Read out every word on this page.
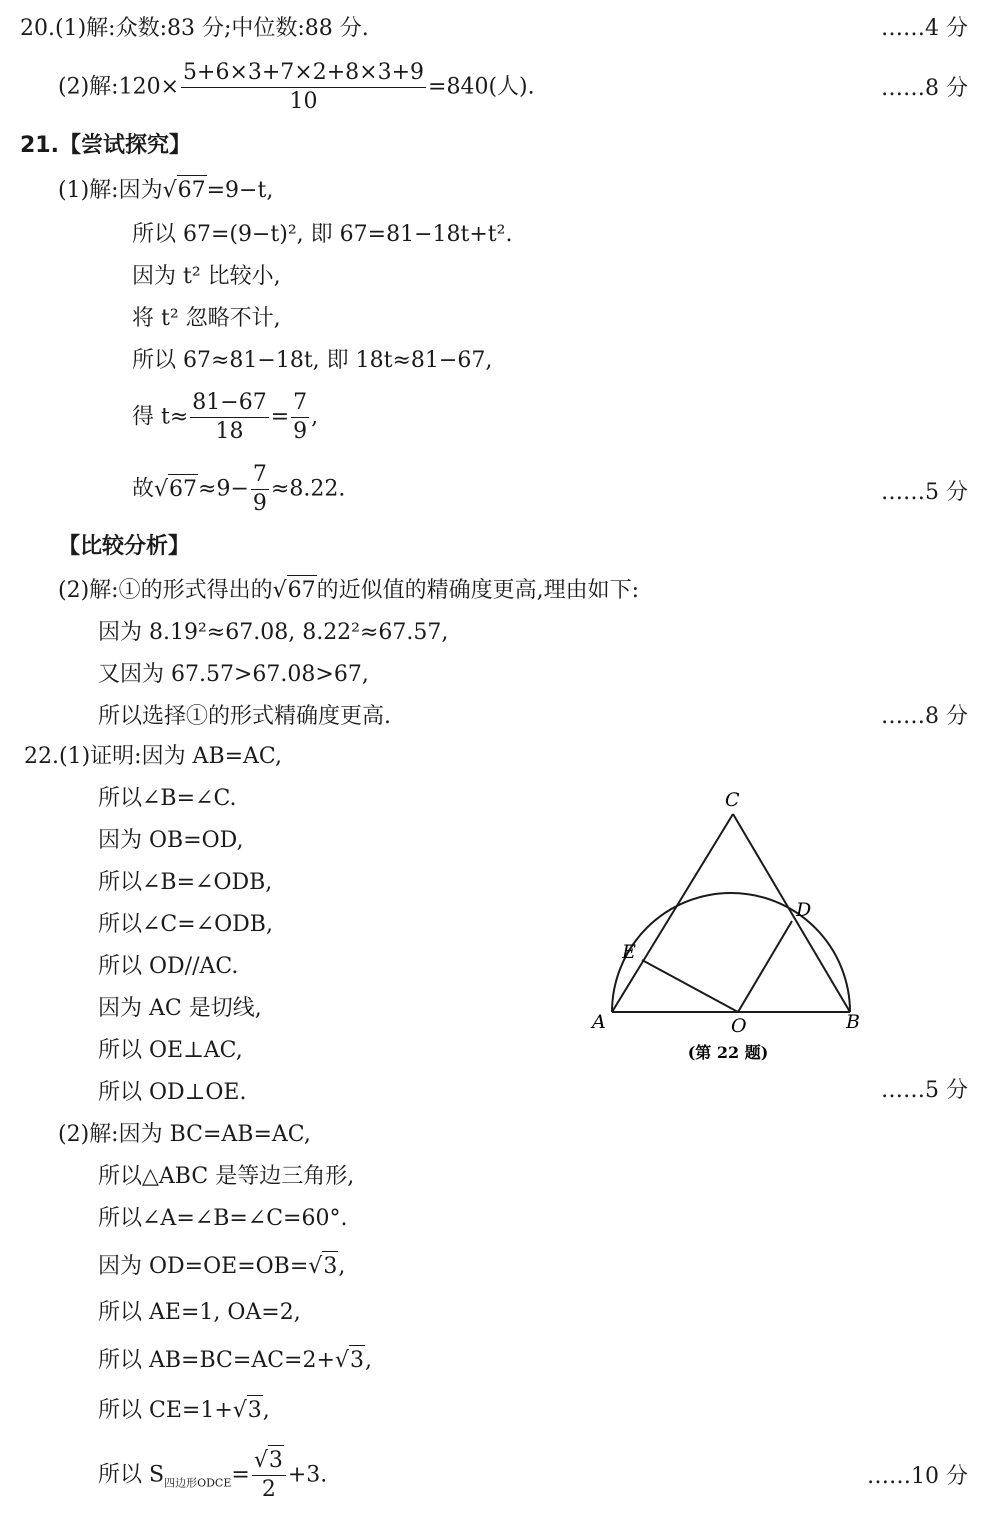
20.(1)解:众数:83 分;中位数:88 分.	……4 分
(2)解:120× $\frac{5+6\times 3+7\times 2+8\times 3+9}{10} =840$(人).	……8 分
21.【尝试探究】
(1)解:因为√67=9−t,
所以 67=(9−t)², 即 67=81−18t+t².
因为 t² 比较小,
将 t² 忽略不计,
所以 67≈81−18t, 即 18t≈81−67,
得 $t\approx \frac{81-67}{18} = \frac{7}{9}$ ,
故$√67\approx 9- \frac{7}{9} \approx 8.22$.	……5 分
【比较分析】
(2)解:①的形式得出的√67的近似值的精确度更高,理由如下:
因为 8.19²≈67.08, 8.22²≈67.57,
又因为 67.57>67.08>67,
所以选择①的形式精确度更高.	……8 分
22.(1)证明:因为 AB=AC,
所以∠B=∠C.
因为 OB=OD,
所以∠B=∠ODB,
所以∠C=∠ODB,
所以 OD//AC.
因为 AC 是切线,
所以 OE⊥AC,
所以 OD⊥OE.	……5 分
C
D
E
A	O	B
(第 22 题)
(2)解:因为 BC=AB=AC,
所以△ABC 是等边三角形,
所以∠A=∠B=∠C=60°.
因为 OD=OE=OB=√3,
所以 AE=1, OA=2,
所以 AB=BC=AC=2+√3,
所以 CE=1+√3,
所以 $S_{四边形ODCE}= \frac{√3}{2} +3$.	……10 分
